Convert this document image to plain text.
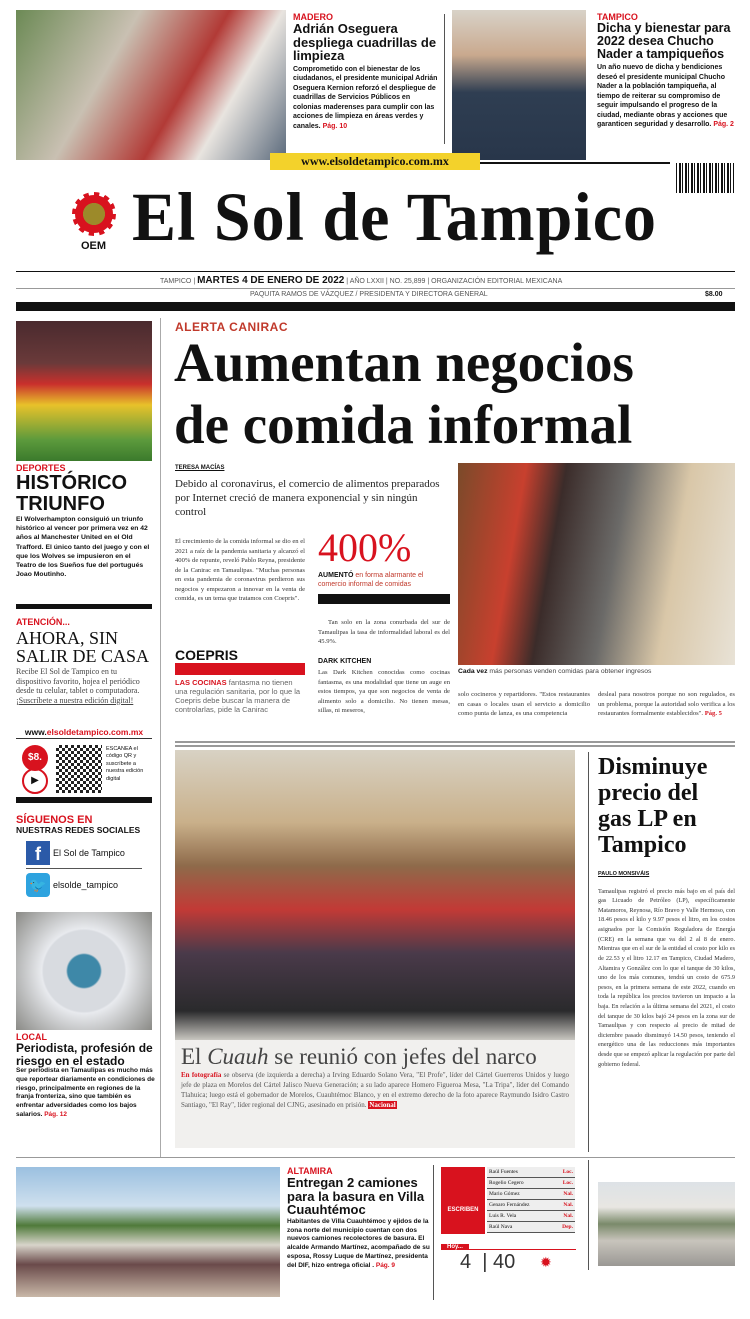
MADERO
Adrián Oseguera despliega cuadrillas de limpieza
Comprometido con el bienestar de los ciudadanos, el presidente municipal Adrián Oseguera Kernion reforzó el despliegue de cuadrillas de Servicios Públicos en colonias maderenses para cumplir con las acciones de limpieza en áreas verdes y canales. Pág. 10
TAMPICO
Dicha y bienestar para 2022 desea Chucho Nader a tampiqueños
Un año nuevo de dicha y bendiciones deseó el presidente municipal Chucho Nader a la población tampiqueña, al tiempo de reiterar su compromiso de seguir impulsando el progreso de la ciudad, mediante obras y acciones que garanticen seguridad y desarrollo. Pág. 2
www.elsoldetampico.com.mx
OEM El Sol de Tampico
TAMPICO | MARTES 4 DE ENERO DE 2022 | AÑO LXXII | NO. 25,899 | ORGANIZACIÓN EDITORIAL MEXICANA
PAQUITA RAMOS DE VÁZQUEZ / PRESIDENTA Y DIRECTORA GENERAL	$8.00
DEPORTES
HISTÓRICO TRIUNFO
El Wolverhampton consiguió un triunfo histórico al vencer por primera vez en 42 años al Manchester United en el Old Trafford. El único tanto del juego y con el que los Wolves se impusieron en el Teatro de los Sueños fue del portugués Joao Moutinho.
ATENCIÓN...
AHORA, SIN SALIR DE CASA
Recibe El Sol de Tampico en tu dispositivo favorito, hojea el periódico desde tu celular, tablet o computadora.
¡Suscríbete a nuestra edición digital!
www.elsoldetampico.com.mx
$8.
▶
ESCANEA el código QR y suscríbete a nuestra edición digital
SÍGUENOS EN
NUESTRAS REDES SOCIALES
f	El Sol de Tampico
🐦 elsolde_tampico
LOCAL
Periodista, profesión de riesgo en el estado
Ser periodista en Tamaulipas es mucho más que reportear diariamente en condiciones de riesgo, principalmente en regiones de la franja fronteriza, sino que también es enfrentar adversidades como los bajos salarios. Pág. 12
ALERTA CANIRAC
Aumentan negocios
de comida informal
TERESA MACÍAS
Debido al coronavirus, el comercio de alimentos preparados por Internet creció de manera exponencial y sin ningún control
El crecimiento de la comida informal se dio en el 2021 a raíz de la pandemia sanitaria y alcanzó el 400% de repunte, reveló Pablo Reyna, presidente de la Canirac en Tamaulipas. "Muchas personas en esta pandemia de coronavirus perdieron sus negocios y empezaron a innovar en la venta de comida, es un tema que tratamos con Coepris".
400%
AUMENTÓ en forma alarmante el comercio informal de comidas
COEPRIS
LAS COCINAS fantasma no tienen una regulación sanitaria, por lo que la Coepris debe buscar la manera de controlarlas, pide la Canirac
Tan solo en la zona conurbada del sur de Tamaulipas la tasa de informalidad laboral es del 45.9%.
DARK KITCHEN
Las Dark Kitchen conocidas como cocinas fantasma, es una modalidad que tiene un auge en estos tiempos, ya que son negocios de venta de alimento solo a domicilio. No tienen mesas, sillas, ni meseros,
Cada vez más personas venden comidas para obtener ingresos
solo cocineros y repartidores. "Estos restaurantes en casas o locales usan el servicio a domicilio como punta de lanza, es una competencia
desleal para nosotros porque no son regulados, es un problema, porque la autoridad solo verifica a los restaurantes formalmente establecidos". Pág. 5
El Cuauh se reunió con jefes del narco
En fotografía se observa (de izquierda a derecha) a Irving Eduardo Solano Vera, "El Profe", líder del Cártel Guerreros Unidos y luego jefe de plaza en Morelos del Cártel Jalisco Nueva Generación; a su lado aparece Homero Figueroa Mesa, "La Tripa", líder del Comando Tlahuica; luego está el gobernador de Morelos, Cuauhtémoc Blanco, y en el extremo derecho de la foto aparece Raymundo Isidro Castro Santiago, "El Ray", líder regional del CJNG, asesinado en prisión. Nacional
Disminuye precio del gas LP en Tampico
PAULO MONSIVÁIS
Tamaulipas registró el precio más bajo en el país del gas Licuado de Petróleo (LP), específicamente Matamoros, Reynosa, Río Bravo y Valle Hermoso, con 18.46 pesos el kilo y 9.97 pesos el litro, en los costos asignados por la Comisión Reguladora de Energía (CRE) en la semana que va del 2 al 8 de enero. Mientras que en el sur de la entidad el costo por kilo es de 22.53 y el litro 12.17 en Tampico, Ciudad Madero, Altamira y González con lo que el tanque de 30 kilos, uno de los más comunes, tendrá un costo de 675.9 pesos, en la primera semana de este 2022, cuando en toda la república los precios tuvieron un impacto a la baja. En relación a la última semana del 2021, el costo del tanque de 30 kilos bajó 24 pesos en la zona sur de Tamaulipas y con respecto al precio de mitad de diciembre pasado disminuyó 14.50 pesos, teniendo el energético una de las reducciones más importantes desde que se empezó aplicar la regulación por parte del gobierno federal.
ALTAMIRA
Entregan 2 camiones para la basura en Villa Cuauhtémoc
Habitantes de Villa Cuauhtémoc y ejidos de la zona norte del municipio cuentan con dos nuevos camiones recolectores de basura. El alcalde Armando Martínez, acompañado de su esposa, Rossy Luque de Martínez, presidenta del DIF, hizo entrega oficial . Pág. 9
ESCRIBEN
Raúl Fuentes	Loc.
Rogelio Cegero	Loc.
Mario Gómez	Nal.
Genaro Fernández	Nal.
Luis R. Vela	Nal.
Raúl Nava	Dep.
Hoy...
4  | 40 ✹
